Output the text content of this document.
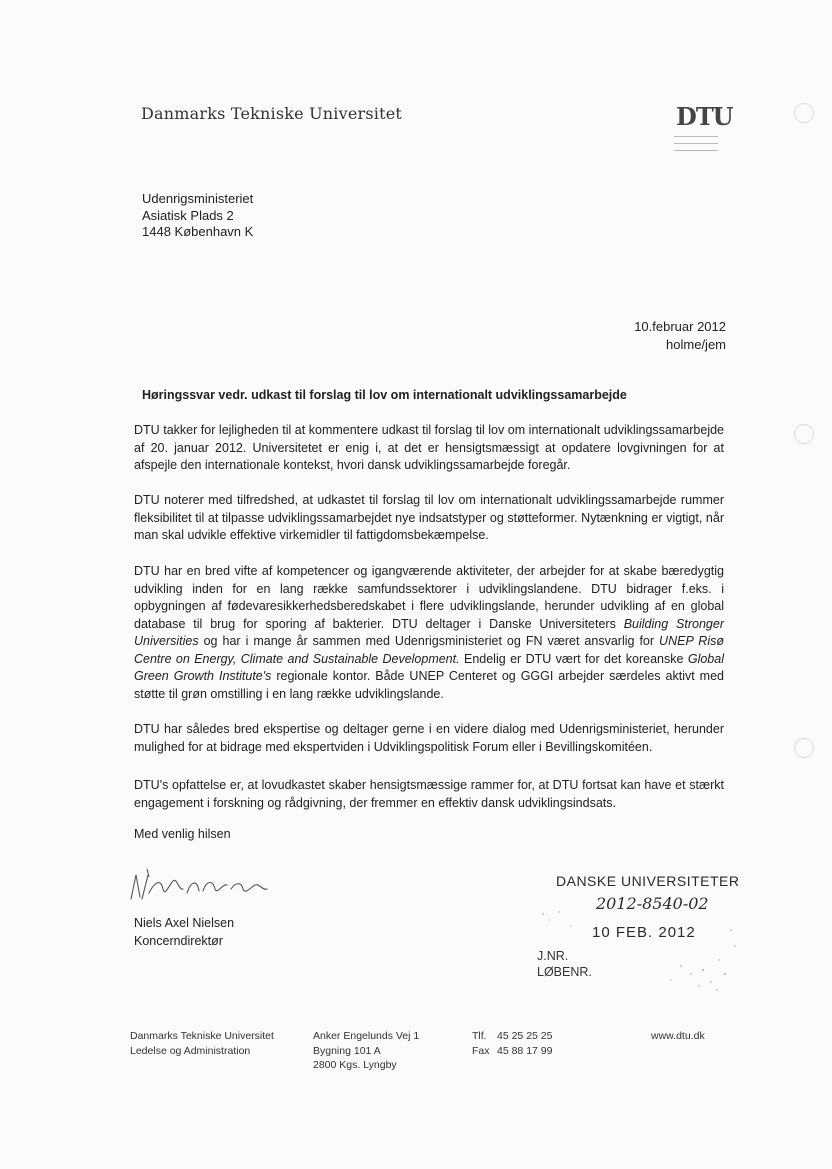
Danmarks Tekniske Universitet	DTU
Udenrigsministeriet
Asiatisk Plads 2
1448 København K
10.februar 2012
holme/jem
Høringssvar vedr. udkast til forslag til lov om internationalt udviklingssamarbejde

DTU takker for lejligheden til at kommentere udkast til forslag til lov om internationalt udviklingssamarbejde af 20. januar 2012. Universitetet er enig i, at det er hensigtsmæssigt at opdatere lovgivningen for at afspejle den internationale kontekst, hvori dansk udviklingssamarbejde foregår.

DTU noterer med tilfredshed, at udkastet til forslag til lov om internationalt udviklingssamarbejde rummer fleksibilitet til at tilpasse udviklingssamarbejdet nye indsatstyper og støtteformer. Nytænkning er vigtigt, når man skal udvikle effektive virkemidler til fattigdomsbekæmpelse.

DTU har en bred vifte af kompetencer og igangværende aktiviteter, der arbejder for at skabe bæredygtig udvikling inden for en lang række samfundssektorer i udviklingslandene. DTU bidrager f.eks. i opbygningen af fødevaresikkerhedsberedskabet i flere udviklingslande, herunder udvikling af en global database til brug for sporing af bakterier. DTU deltager i Danske Universiteters Building Stronger Universities og har i mange år sammen med Udenrigsministeriet og FN været ansvarlig for UNEP Risø Centre on Energy, Climate and Sustainable Development. Endelig er DTU vært for det koreanske Global Green Growth Institute's regionale kontor. Både UNEP Centeret og GGGI arbejder særdeles aktivt med støtte til grøn omstilling i en lang række udviklingslande.

DTU har således bred ekspertise og deltager gerne i en videre dialog med Udenrigsministeriet, herunder mulighed for at bidrage med ekspertviden i Udviklingspolitisk Forum eller i Bevillingskomitéen.

DTU's opfattelse er, at lovudkastet skaber hensigtsmæssige rammer for, at DTU fortsat kan have et stærkt engagement i forskning og rådgivning, der fremmer en effektiv dansk udviklingsindsats.

Med venlig hilsen
Niels Axel Nielsen
Koncerndirektør
DANSKE UNIVERSITETER
2012-8540-02
10 FEB. 2012
J.NR.
LØBENR.
Danmarks Tekniske Universitet
Ledelse og Administration
Anker Engelunds Vej 1
Bygning 101 A
2800 Kgs. Lyngby
Tlf.
Fax
45 25 25 25
45 88 17 99
www.dtu.dk
